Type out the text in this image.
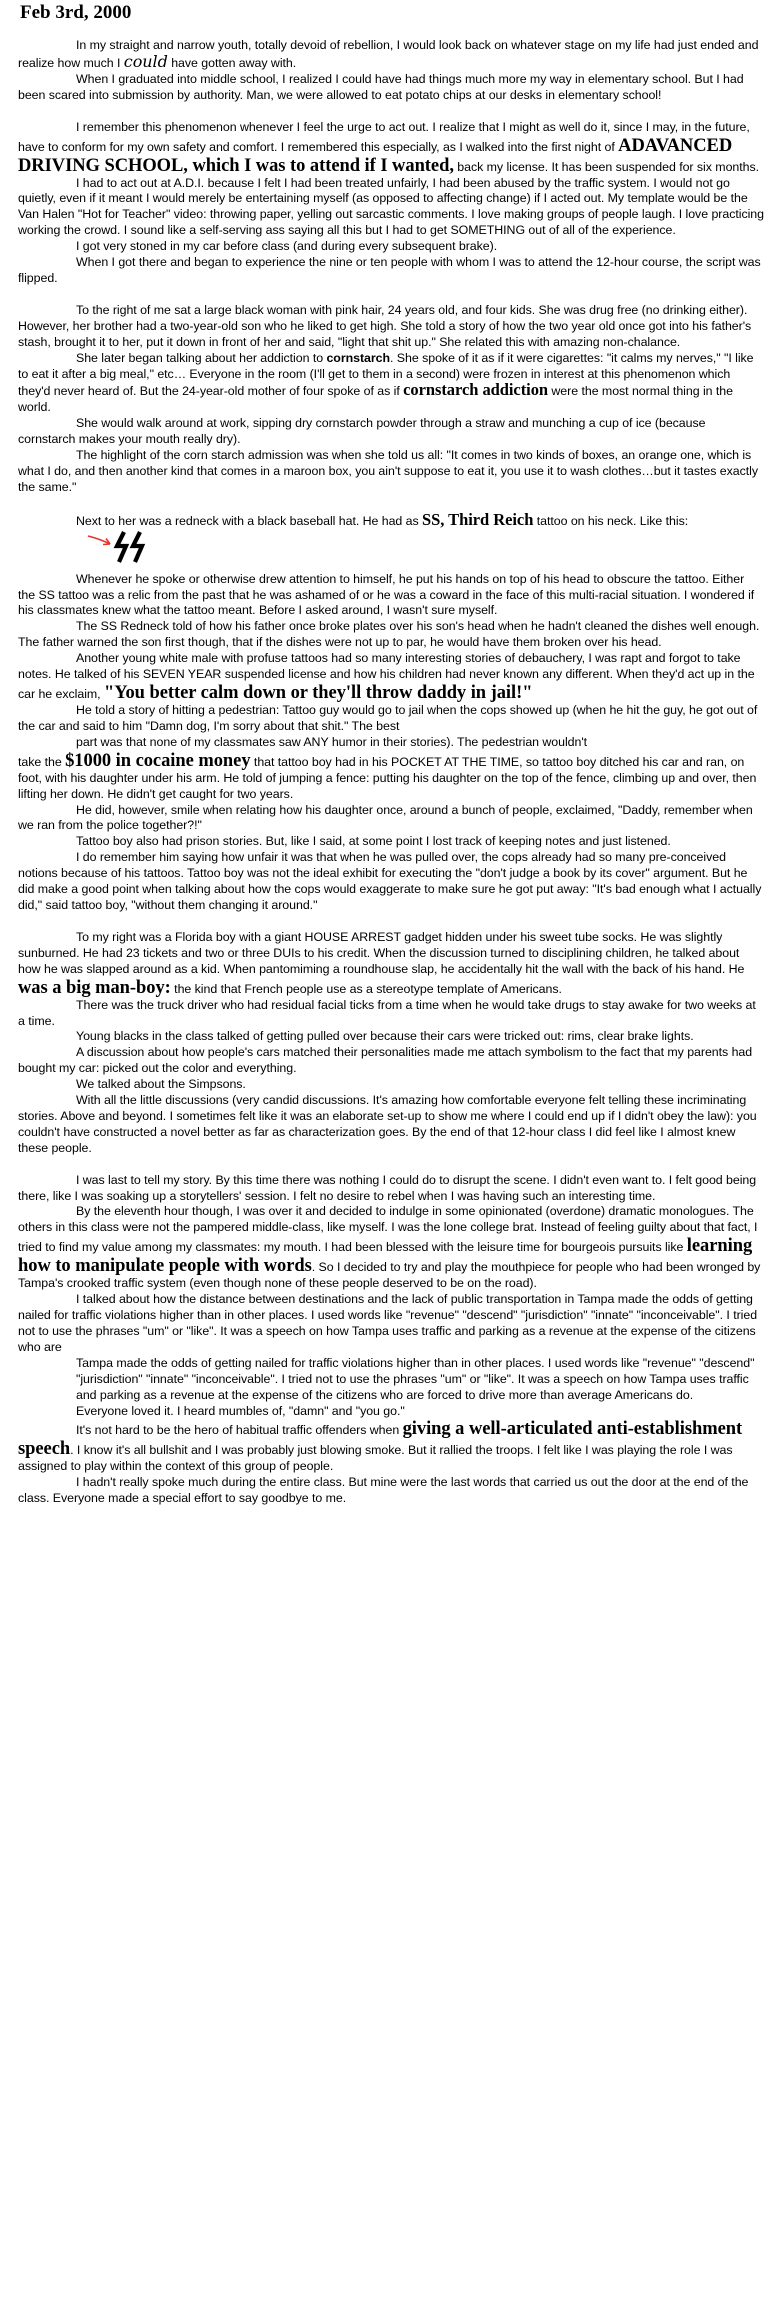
Feb 3rd, 2000

In my straight and narrow youth, totally devoid of rebellion, I would look back on whatever stage on my life had just ended and realize how much I could have gotten away with.

When I graduated into middle school, I realized I could have had things much more my way in elementary school. But I had been scared into submission by authority. Man, we were allowed to eat potato chips at our desks in elementary school!

I remember this phenomenon whenever I feel the urge to act out. I realize that I might as well do it, since I may, in the future, have to conform for my own safety and comfort. I remembered this especially, as I walked into the first night of ADAVANCED DRIVING SCHOOL, which I was to attend if I wanted, back my license. It has been suspended for six months.

I had to act out at A.D.I. because I felt I had been treated unfairly, I had been abused by the traffic system. I would not go quietly, even if it meant I would merely be entertaining myself (as opposed to affecting change) if I acted out. My template would be the Van Halen "Hot for Teacher" video: throwing paper, yelling out sarcastic comments. I love making groups of people laugh. I love practicing working the crowd. I sound like a self-serving ass saying all this but I had to get SOMETHING out of all of the experience.

I got very stoned in my car before class (and during every subsequent brake).

When I got there and began to experience the nine or ten people with whom I was to attend the 12-hour course, the script was flipped.

To the right of me sat a large black woman with pink hair, 24 years old, and four kids. She was drug free (no drinking either). However, her brother had a two-year-old son who he liked to get high. She told a story of how the two year old once got into his father's stash, brought it to her, put it down in front of her and said, "light that shit up." She related this with amazing non-chalance.

She later began talking about her addiction to cornstarch. She spoke of it as if it were cigarettes: "it calms my nerves," "I like to eat it after a big meal," etc… Everyone in the room (I'll get to them in a second) were frozen in interest at this phenomenon which they'd never heard of. But the 24-year-old mother of four spoke of as if cornstarch addiction were the most normal thing in the world.

She would walk around at work, sipping dry cornstarch powder through a straw and munching a cup of ice (because cornstarch makes your mouth really dry).

The highlight of the corn starch admission was when she told us all: "It comes in two kinds of boxes, an orange one, which is what I do, and then another kind that comes in a maroon box, you ain't suppose to eat it, you use it to wash clothes…but it tastes exactly the same."

Next to her was a redneck with a black baseball hat. He had as SS, Third Reich tattoo on his neck. Like this:

Whenever he spoke or otherwise drew attention to himself, he put his hands on top of his head to obscure the tattoo. Either the SS tattoo was a relic from the past that he was ashamed of or he was a coward in the face of this multi-racial situation. I wondered if his classmates knew what the tattoo meant. Before I asked around, I wasn't sure myself.

The SS Redneck told of how his father once broke plates over his son's head when he hadn't cleaned the dishes well enough. The father warned the son first though, that if the dishes were not up to par, he would have them broken over his head.

Another young white male with profuse tattoos had so many interesting stories of debauchery, I was rapt and forgot to take notes. He talked of his SEVEN YEAR suspended license and how his children had never known any different. When they'd act up in the car he exclaim, "You better calm down or they'll throw daddy in jail!"

He told a story of hitting a pedestrian: Tattoo guy would go to jail when the cops showed up (when he hit the guy, he got out of the car and said to him "Damn dog, I'm sorry about that shit." The best

part was that none of my classmates saw ANY humor in their stories). The pedestrian wouldn't

take the $1000 in cocaine money that tattoo boy had in his POCKET AT THE TIME, so tattoo boy ditched his car and ran, on foot, with his daughter under his arm. He told of jumping a fence: putting his daughter on the top of the fence, climbing up and over, then lifting her down. He didn't get caught for two years.

He did, however, smile when relating how his daughter once, around a bunch of people, exclaimed, "Daddy, remember when we ran from the police together?!"

Tattoo boy also had prison stories. But, like I said, at some point I lost track of keeping notes and just listened.

I do remember him saying how unfair it was that when he was pulled over, the cops already had so many pre-conceived notions because of his tattoos. Tattoo boy was not the ideal exhibit for executing the "don't judge a book by its cover" argument. But he did make a good point when talking about how the cops would exaggerate to make sure he got put away: "It's bad enough what I actually did," said tattoo boy, "without them changing it around."

To my right was a Florida boy with a giant HOUSE ARREST gadget hidden under his sweet tube socks. He was slightly sunburned. He had 23 tickets and two or three DUIs to his credit. When the discussion turned to disciplining children, he talked about how he was slapped around as a kid. When pantomiming a roundhouse slap, he accidentally hit the wall with the back of his hand. He was a big man-boy: the kind that French people use as a stereotype template of Americans.

There was the truck driver who had residual facial ticks from a time when he would take drugs to stay awake for two weeks at a time.

Young blacks in the class talked of getting pulled over because their cars were tricked out: rims, clear brake lights.

A discussion about how people's cars matched their personalities made me attach symbolism to the fact that my parents had bought my car: picked out the color and everything.

We talked about the Simpsons.

With all the little discussions (very candid discussions. It's amazing how comfortable everyone felt telling these incriminating stories. Above and beyond. I sometimes felt like it was an elaborate set-up to show me where I could end up if I didn't obey the law): you couldn't have constructed a novel better as far as characterization goes. By the end of that 12-hour class I did feel like I almost knew these people.

I was last to tell my story. By this time there was nothing I could do to disrupt the scene. I didn't even want to. I felt good being there, like I was soaking up a storytellers' session. I felt no desire to rebel when I was having such an interesting time.

By the eleventh hour though, I was over it and decided to indulge in some opinionated (overdone) dramatic monologues. The others in this class were not the pampered middle-class, like myself. I was the lone college brat. Instead of feeling guilty about that fact, I tried to find my value among my classmates: my mouth. I had been blessed with the leisure time for bourgeois pursuits like learning how to manipulate people with words. So I decided to try and play the mouthpiece for people who had been wronged by Tampa's crooked traffic system (even though none of these people deserved to be on the road).

I talked about how the distance between destinations and the lack of public transportation in Tampa made the odds of getting nailed for traffic violations higher than in other places. I used words like "revenue" "descend" "jurisdiction" "innate" "inconceivable". I tried not to use the phrases "um" or "like". It was a speech on how Tampa uses traffic and parking as a revenue at the expense of the citizens who are

Tampa made the odds of getting nailed for traffic violations higher than in other places. I used words like "revenue" "descend" "jurisdiction" "innate" "inconceivable". I tried not to use the phrases "um" or "like". It was a speech on how Tampa uses traffic and parking as a revenue at the expense of the citizens who are forced to drive more than average Americans do.

Everyone loved it. I heard mumbles of, "damn" and "you go."

It's not hard to be the hero of habitual traffic offenders when giving a well-articulated anti-establishment speech. I know it's all bullshit and I was probably just blowing smoke. But it rallied the troops. I felt like I was playing the role I was assigned to play within the context of this group of people.

I hadn't really spoke much during the entire class. But mine were the last words that carried us out the door at the end of the class. Everyone made a special effort to say goodbye to me.
